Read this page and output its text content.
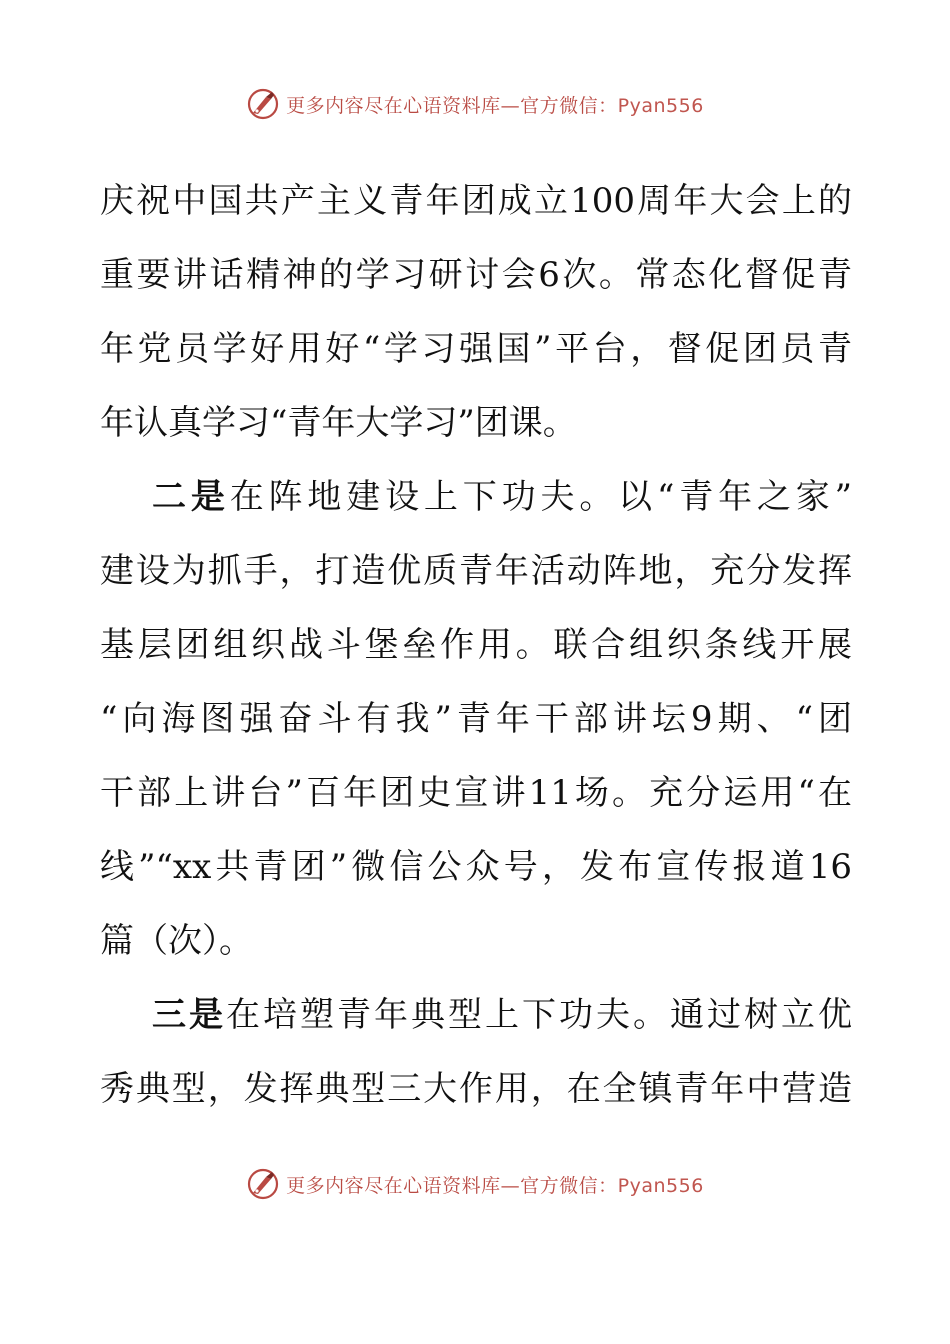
更多内容尽在心语资料库—官方微信：Pyan556
庆祝中国共产主义青年团成立100周年大会上的
重要讲话精神的学习研讨会6次。常态化督促青
年党员学好用好“学习强国”平台，督促团员青
年认真学习“青年大学习”团课。
二是在阵地建设上下功夫。以“青年之家”
建设为抓手，打造优质青年活动阵地，充分发挥
基层团组织战斗堡垒作用。联合组织条线开展
“向海图强奋斗有我”青年干部讲坛9期、“团
干部上讲台”百年团史宣讲11场。充分运用“在
线”“xx共青团”微信公众号，发布宣传报道16
篇（次）。
三是在培塑青年典型上下功夫。通过树立优
秀典型，发挥典型三大作用，在全镇青年中营造
更多内容尽在心语资料库—官方微信：Pyan556
